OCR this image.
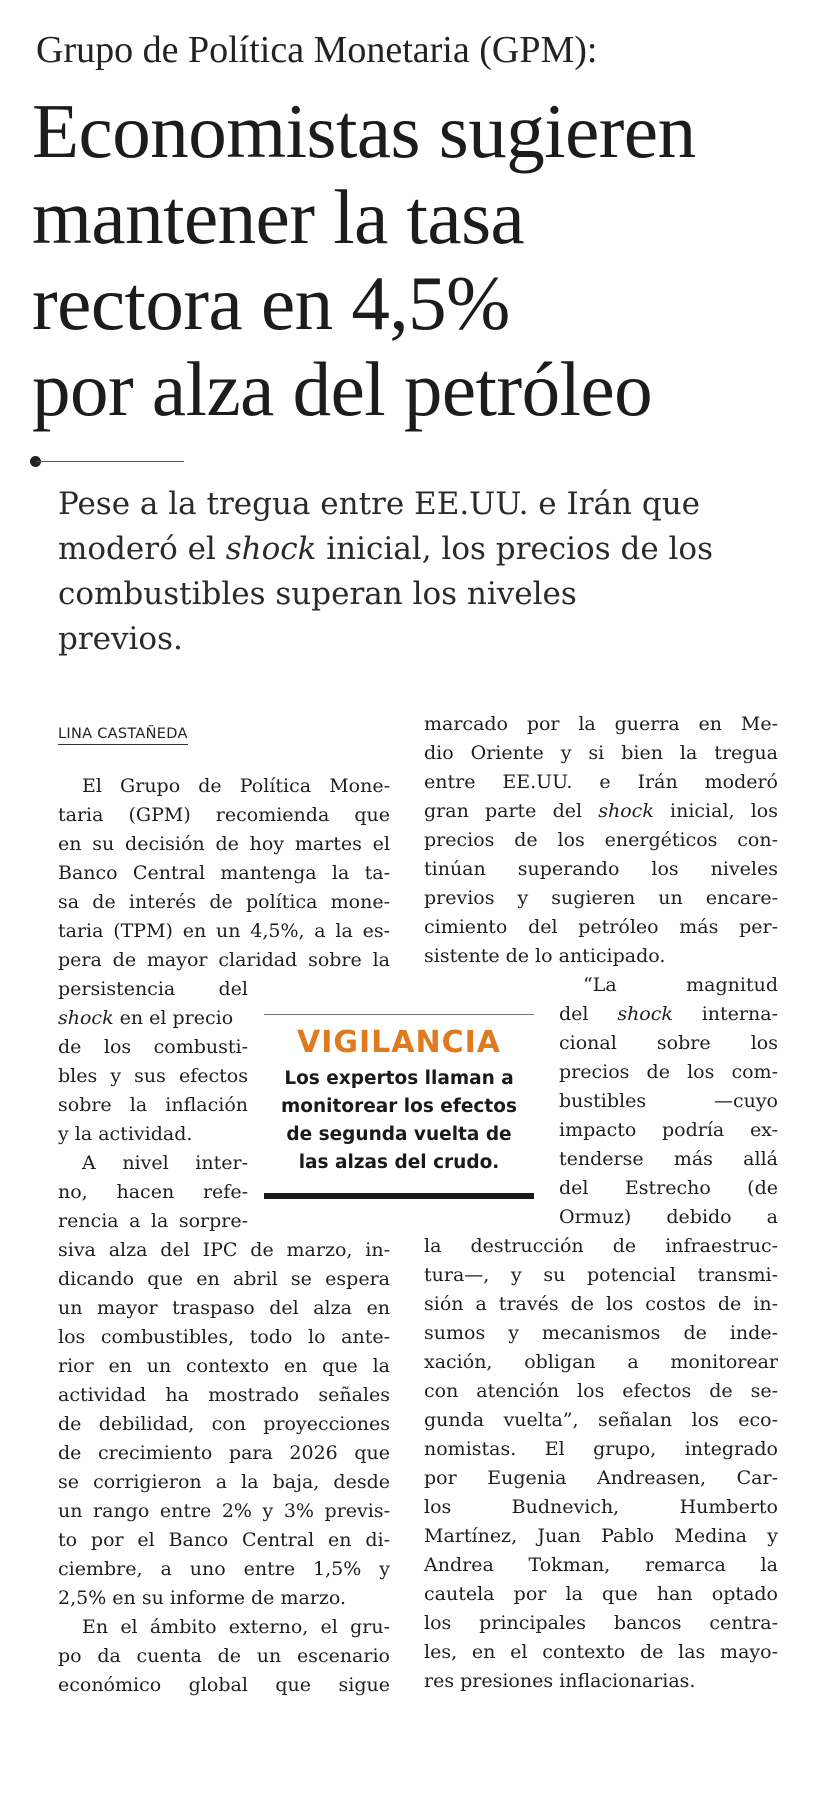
Grupo de Política Monetaria (GPM):
Economistas sugieren
mantener la tasa
rectora en 4,5%
por alza del petróleo

Pese a la tregua entre EE.UU. e Irán que

moderó el shock inicial, los precios de los

combustibles superan los niveles

previos.

LINA CASTAÑEDA
El Grupo de Política Mone-
taria (GPM) recomienda que
en su decisión de hoy martes el
Banco Central mantenga la ta-
sa de interés de política mone-
taria (TPM) en un 4,5%, a la es-
pera de mayor claridad sobre la
persistencia del
shock en el precio
de los combusti-
bles y sus efectos
sobre la inflación
y la actividad.
A nivel inter-
no, hacen refe-
rencia a la sorpre-
siva alza del IPC de marzo, in-
dicando que en abril se espera
un mayor traspaso del alza en
los combustibles, todo lo ante-
rior en un contexto en que la
actividad ha mostrado señales
de debilidad, con proyecciones
de crecimiento para 2026 que
se corrigieron a la baja, desde
un rango entre 2% y 3% previs-
to por el Banco Central en di-
ciembre, a uno entre 1,5% y
2,5% en su informe de marzo.
En el ámbito externo, el gru-
po da cuenta de un escenario
económico global que sigue
marcado por la guerra en Me-
dio Oriente y si bien la tregua
entre EE.UU. e Irán moderó
gran parte del shock inicial, los
precios de los energéticos con-
tinúan superando los niveles
previos y sugieren un encare-
cimiento del petróleo más per-
sistente de lo anticipado.
“La magnitud
del shock interna-
cional sobre los
precios de los com-
bustibles —cuyo
impacto podría ex-
tenderse más allá
del Estrecho (de
Ormuz) debido a
la destrucción de infraestruc-
tura—, y su potencial transmi-
sión a través de los costos de in-
sumos y mecanismos de inde-
xación, obligan a monitorear
con atención los efectos de se-
gunda vuelta”, señalan los eco-
nomistas. El grupo, integrado
por Eugenia Andreasen, Car-
los Budnevich, Humberto
Martínez, Juan Pablo Medina y
Andrea Tokman, remarca la
cautela por la que han optado
los principales bancos centra-
les, en el contexto de las mayo-
res presiones inflacionarias.
VIGILANCIA
Los expertos llaman a
monitorear los efectos
de segunda vuelta de
las alzas del crudo.
